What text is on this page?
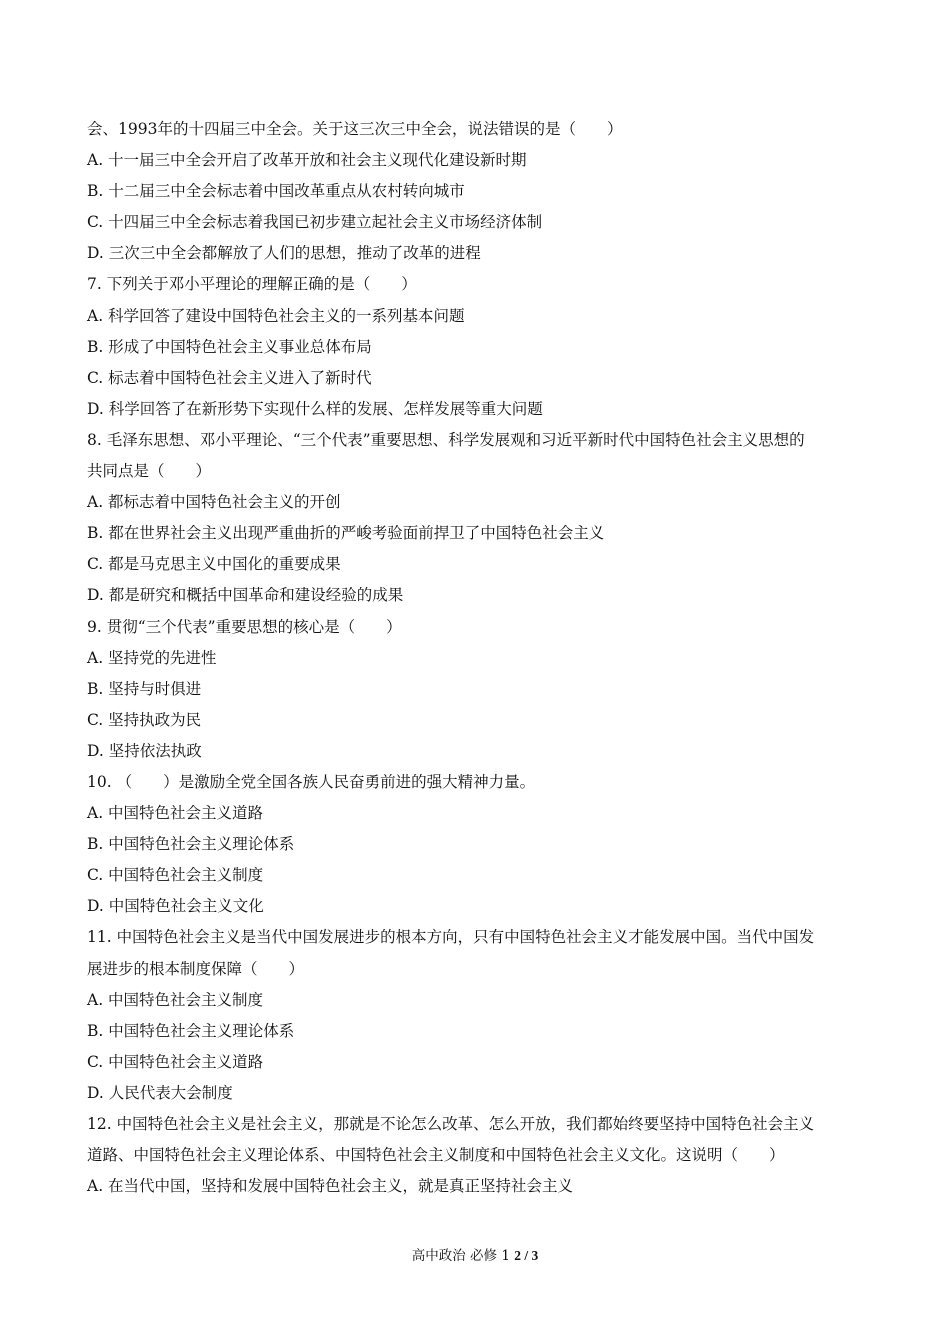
会、1993年的十四届三中全会。关于这三次三中全会，说法错误的是（　　）
A. 十一届三中全会开启了改革开放和社会主义现代化建设新时期
B. 十二届三中全会标志着中国改革重点从农村转向城市
C. 十四届三中全会标志着我国已初步建立起社会主义市场经济体制
D. 三次三中全会都解放了人们的思想，推动了改革的进程
7. 下列关于邓小平理论的理解正确的是（　　）
A. 科学回答了建设中国特色社会主义的一系列基本问题
B. 形成了中国特色社会主义事业总体布局
C. 标志着中国特色社会主义进入了新时代
D. 科学回答了在新形势下实现什么样的发展、怎样发展等重大问题
8. 毛泽东思想、邓小平理论、“三个代表”重要思想、科学发展观和习近平新时代中国特色社会主义思想的
共同点是（　　）
A. 都标志着中国特色社会主义的开创
B. 都在世界社会主义出现严重曲折的严峻考验面前捍卫了中国特色社会主义
C. 都是马克思主义中国化的重要成果
D. 都是研究和概括中国革命和建设经验的成果
9. 贯彻“三个代表”重要思想的核心是（　　）
A. 坚持党的先进性
B. 坚持与时俱进
C. 坚持执政为民
D. 坚持依法执政
10. （　　）是激励全党全国各族人民奋勇前进的强大精神力量。
A. 中国特色社会主义道路
B. 中国特色社会主义理论体系
C. 中国特色社会主义制度
D. 中国特色社会主义文化
11. 中国特色社会主义是当代中国发展进步的根本方向，只有中国特色社会主义才能发展中国。当代中国发
展进步的根本制度保障（　　）
A. 中国特色社会主义制度
B. 中国特色社会主义理论体系
C. 中国特色社会主义道路
D. 人民代表大会制度
12. 中国特色社会主义是社会主义，那就是不论怎么改革、怎么开放，我们都始终要坚持中国特色社会主义
道路、中国特色社会主义理论体系、中国特色社会主义制度和中国特色社会主义文化。这说明（　　）
A. 在当代中国，坚持和发展中国特色社会主义，就是真正坚持社会主义
高中政治 必修 1 2 / 3
